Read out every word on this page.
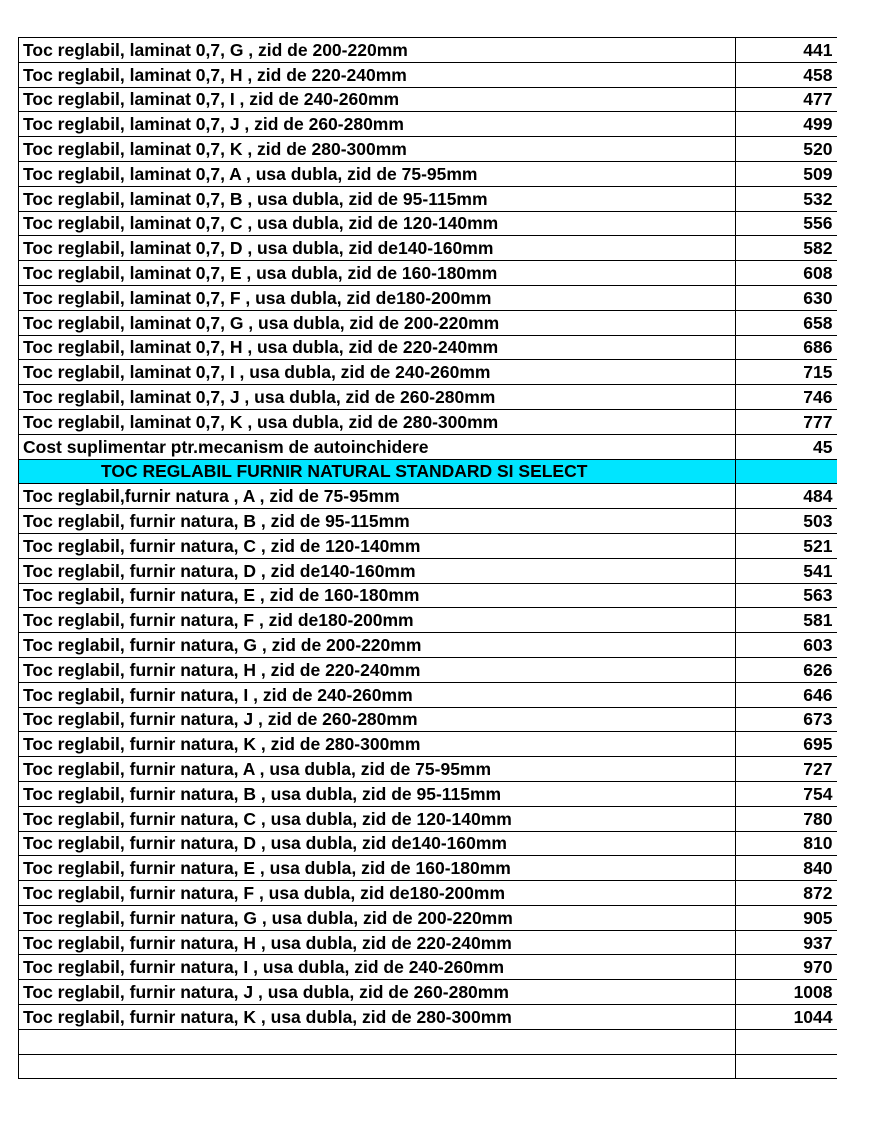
Toc reglabil, laminat 0,7, G , zid de 200-220mm	441
Toc reglabil, laminat 0,7, H , zid de 220-240mm	458
Toc reglabil, laminat 0,7, I , zid de 240-260mm	477
Toc reglabil, laminat 0,7, J , zid de 260-280mm	499
Toc reglabil, laminat 0,7, K , zid de 280-300mm	520
Toc reglabil, laminat 0,7, A , usa dubla, zid de 75-95mm	509
Toc reglabil, laminat 0,7, B , usa dubla, zid de 95-115mm	532
Toc reglabil, laminat 0,7, C , usa dubla, zid de 120-140mm	556
Toc reglabil, laminat 0,7, D , usa dubla, zid de140-160mm	582
Toc reglabil, laminat 0,7, E , usa dubla, zid de 160-180mm	608
Toc reglabil, laminat 0,7, F , usa dubla, zid de180-200mm	630
Toc reglabil, laminat 0,7, G , usa dubla, zid de 200-220mm	658
Toc reglabil, laminat 0,7, H , usa dubla, zid de 220-240mm	686
Toc reglabil, laminat 0,7, I , usa dubla, zid de 240-260mm	715
Toc reglabil, laminat 0,7, J , usa dubla, zid de 260-280mm	746
Toc reglabil, laminat 0,7, K , usa dubla, zid de 280-300mm	777
Cost suplimentar ptr.mecanism de autoinchidere	45
TOC REGLABIL FURNIR NATURAL STANDARD SI SELECT	
Toc reglabil,furnir natura , A , zid de 75-95mm	484
Toc reglabil, furnir natura, B , zid de 95-115mm	503
Toc reglabil, furnir natura, C , zid de 120-140mm	521
Toc reglabil, furnir natura, D , zid de140-160mm	541
Toc reglabil, furnir natura, E , zid de 160-180mm	563
Toc reglabil, furnir natura, F , zid de180-200mm	581
Toc reglabil, furnir natura, G , zid de 200-220mm	603
Toc reglabil, furnir natura, H , zid de 220-240mm	626
Toc reglabil, furnir natura, I , zid de 240-260mm	646
Toc reglabil, furnir natura, J , zid de 260-280mm	673
Toc reglabil, furnir natura, K , zid de 280-300mm	695
Toc reglabil, furnir natura, A , usa dubla, zid de 75-95mm	727
Toc reglabil, furnir natura, B , usa dubla, zid de 95-115mm	754
Toc reglabil, furnir natura, C , usa dubla, zid de 120-140mm	780
Toc reglabil, furnir natura, D , usa dubla, zid de140-160mm	810
Toc reglabil, furnir natura, E , usa dubla, zid de 160-180mm	840
Toc reglabil, furnir natura, F , usa dubla, zid de180-200mm	872
Toc reglabil, furnir natura, G , usa dubla, zid de 200-220mm	905
Toc reglabil, furnir natura, H , usa dubla, zid de 220-240mm	937
Toc reglabil, furnir natura, I , usa dubla, zid de 240-260mm	970
Toc reglabil, furnir natura, J , usa dubla, zid de 260-280mm	1008
Toc reglabil, furnir natura, K , usa dubla, zid de 280-300mm	1044
